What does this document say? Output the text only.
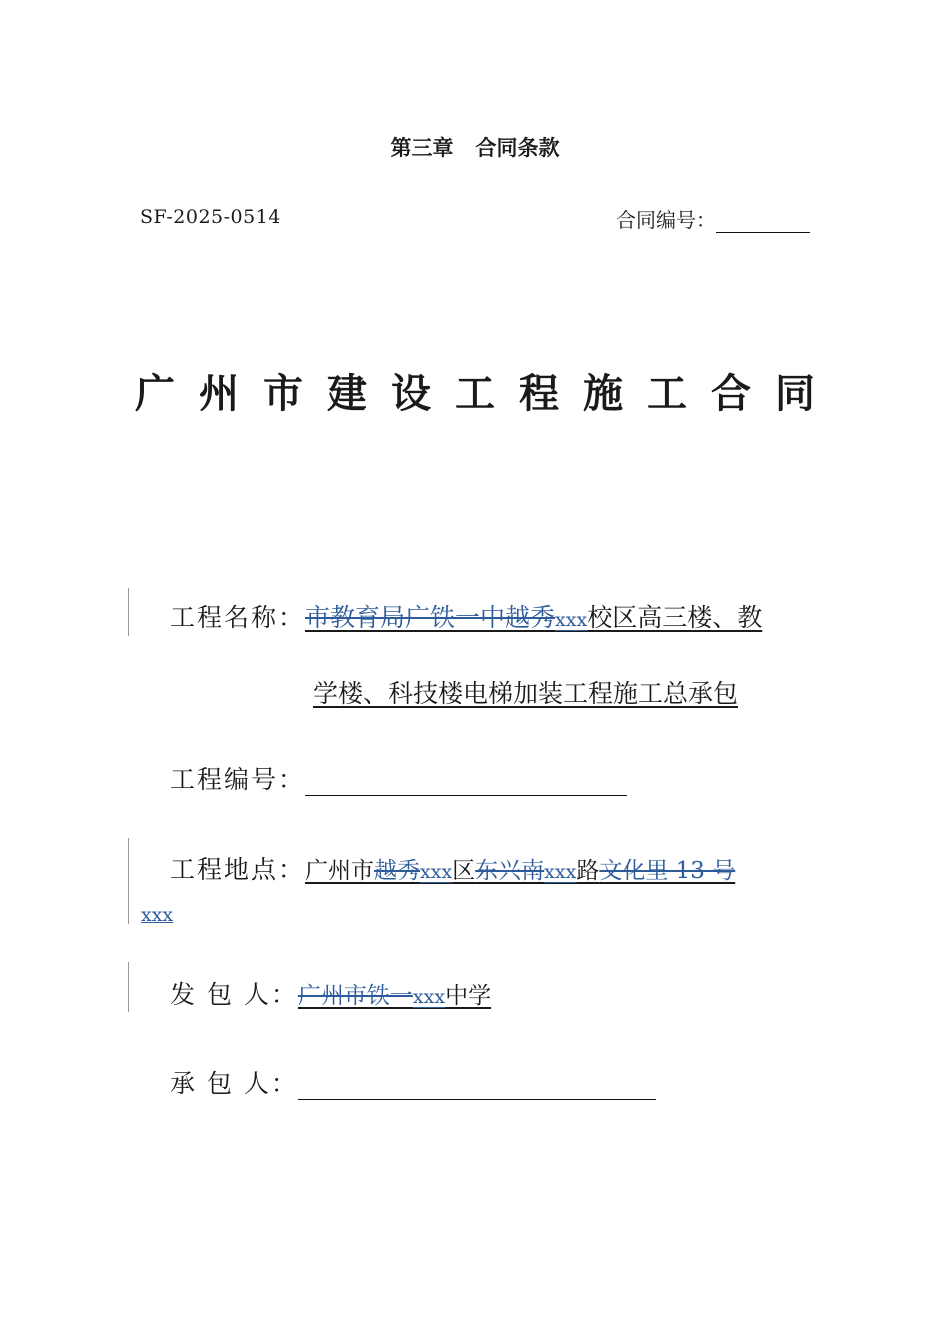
第三章 合同条款
SF-2025-0514	合同编号：
广州市建设工程施工合同
工程名称：市教育局广铁一中越秀xxx校区高三楼、教
学楼、科技楼电梯加装工程施工总承包
工程编号：
工程地点：广州市越秀xxx区东兴南xxx路文化里 13 号
xxx
发 包 人：广州市铁一xxx中学
承 包 人：
